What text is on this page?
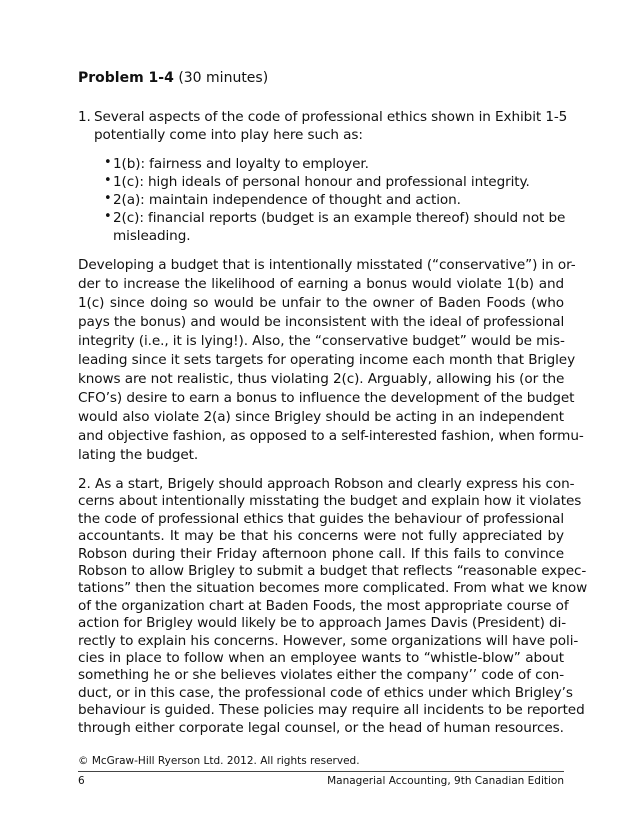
Problem 1-4 (30 minutes)
1. Several aspects of the code of professional ethics shown in Exhibit 1-5
potentially come into play here such as:
• 1(b): fairness and loyalty to employer.
• 1(c): high ideals of personal honour and professional integrity.
• 2(a): maintain independence of thought and action.
• 2(c): financial reports (budget is an example thereof) should not be
misleading.
Developing a budget that is intentionally misstated (“conservative”) in or-
der to increase the likelihood of earning a bonus would violate 1(b) and
1(c) since doing so would be unfair to the owner of Baden Foods (who
pays the bonus) and would be inconsistent with the ideal of professional
integrity (i.e., it is lying!). Also, the “conservative budget” would be mis-
leading since it sets targets for operating income each month that Brigley
knows are not realistic, thus violating 2(c). Arguably, allowing his (or the
CFO’s) desire to earn a bonus to influence the development of the budget
would also violate 2(a) since Brigley should be acting in an independent
and objective fashion, as opposed to a self-interested fashion, when formu-
lating the budget.
2. As a start, Brigely should approach Robson and clearly express his con-
cerns about intentionally misstating the budget and explain how it violates
the code of professional ethics that guides the behaviour of professional
accountants. It may be that his concerns were not fully appreciated by
Robson during their Friday afternoon phone call. If this fails to convince
Robson to allow Brigley to submit a budget that reflects “reasonable expec-
tations” then the situation becomes more complicated. From what we know
of the organization chart at Baden Foods, the most appropriate course of
action for Brigley would likely be to approach James Davis (President) di-
rectly to explain his concerns. However, some organizations will have poli-
cies in place to follow when an employee wants to “whistle-blow” about
something he or she believes violates either the company’’ code of con-
duct, or in this case, the professional code of ethics under which Brigley’s
behaviour is guided. These policies may require all incidents to be reported
through either corporate legal counsel, or the head of human resources.
© McGraw-Hill Ryerson Ltd. 2012. All rights reserved.
6	Managerial Accounting, 9th Canadian Edition
